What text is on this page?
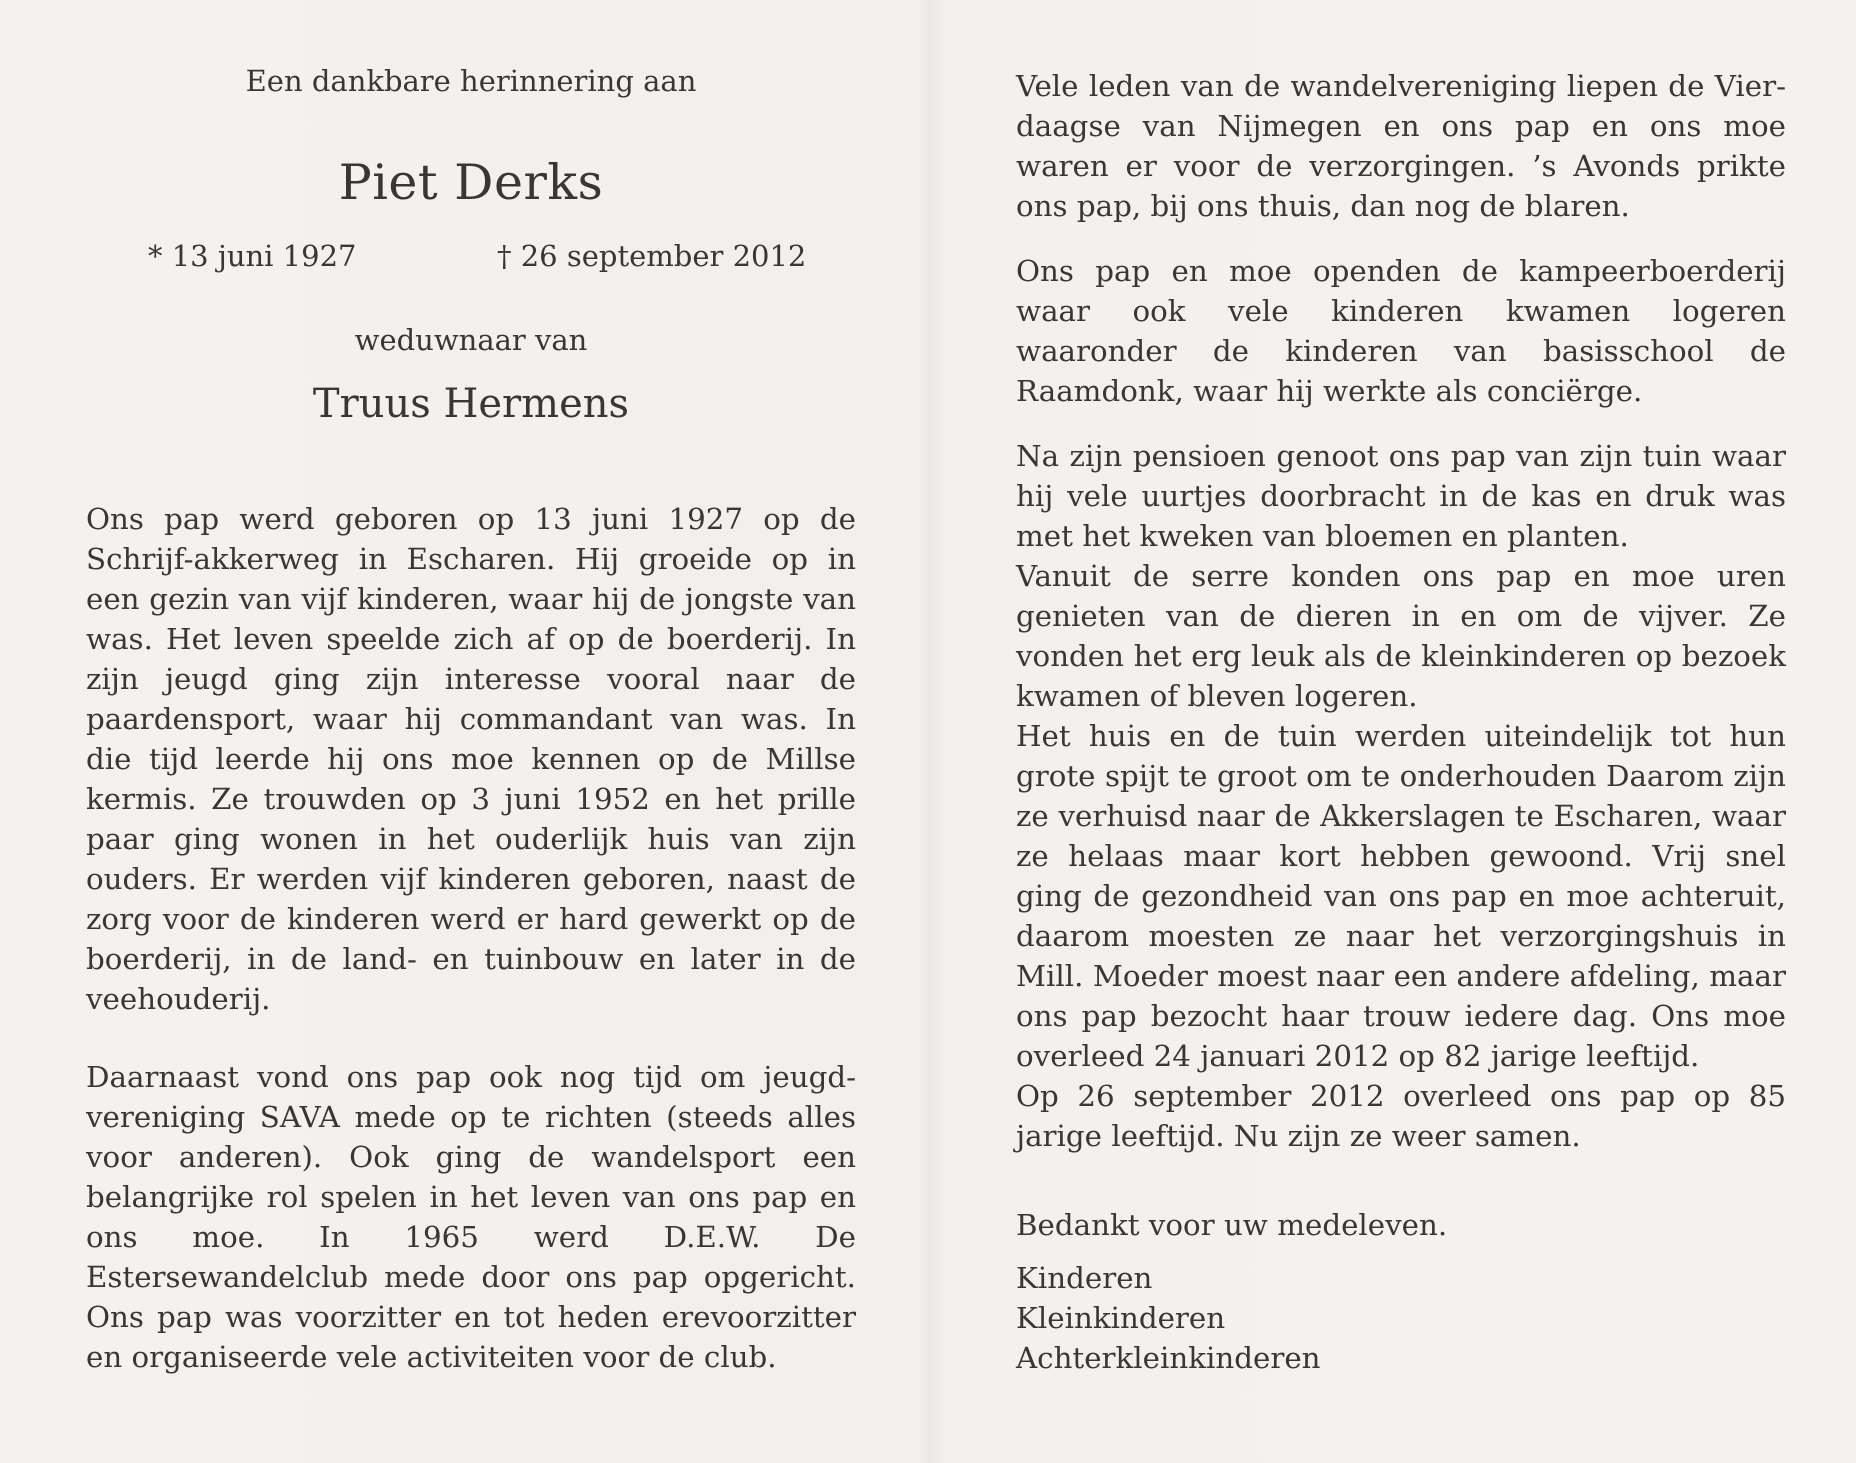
Een dankbare herinnering aan
Piet Derks
* 13 juni 1927	† 26 september 2012
weduwnaar van
Truus Hermens

Ons pap werd geboren op 13 juni 1927 op de Schrijf-akkerweg in Escharen. Hij groeide op in een gezin van vijf kinderen, waar hij de jongste van was. Het leven speelde zich af op de boerderij. In zijn jeugd ging zijn interesse vooral naar de paardensport, waar hij commandant van was. In die tijd leerde hij ons moe kennen op de Millse kermis. Ze trouwden op 3 juni 1952 en het prille paar ging wonen in het ouderlijk huis van zijn ouders. Er werden vijf kinderen geboren, naast de zorg voor de kinderen werd er hard gewerkt op de boerderij, in de land- en tuinbouw en later in de veehouderij.

Daarnaast vond ons pap ook nog tijd om jeugd-vereniging SAVA mede op te richten (steeds alles voor anderen). Ook ging de wandelsport een belangrijke rol spelen in het leven van ons pap en ons moe. In 1965 werd D.E.W. De Estersewandelclub mede door ons pap opgericht. Ons pap was voorzitter en tot heden erevoorzitter en organiseerde vele activiteiten voor de club.

Vele leden van de wandelvereniging liepen de Vier-daagse van Nijmegen en ons pap en ons moe waren er voor de verzorgingen. ’s Avonds prikte ons pap, bij ons thuis, dan nog de blaren.

Ons pap en moe openden de kampeerboerderij waar ook vele kinderen kwamen logeren waaronder de kinderen van basisschool de Raamdonk, waar hij werkte als conciërge.

Na zijn pensioen genoot ons pap van zijn tuin waar hij vele uurtjes doorbracht in de kas en druk was met het kweken van bloemen en planten.

Vanuit de serre konden ons pap en moe uren genieten van de dieren in en om de vijver. Ze vonden het erg leuk als de kleinkinderen op bezoek kwamen of bleven logeren.

Het huis en de tuin werden uiteindelijk tot hun grote spijt te groot om te onderhouden Daarom zijn ze verhuisd naar de Akkerslagen te Escharen, waar ze helaas maar kort hebben gewoond. Vrij snel ging de gezondheid van ons pap en moe achteruit, daarom moesten ze naar het verzorgingshuis in Mill. Moeder moest naar een andere afdeling, maar ons pap bezocht haar trouw iedere dag. Ons moe overleed 24 januari 2012 op 82 jarige leeftijd.

Op 26 september 2012 overleed ons pap op 85 jarige leeftijd. Nu zijn ze weer samen.

Bedankt voor uw medeleven.
Kinderen
Kleinkinderen
Achterkleinkinderen
